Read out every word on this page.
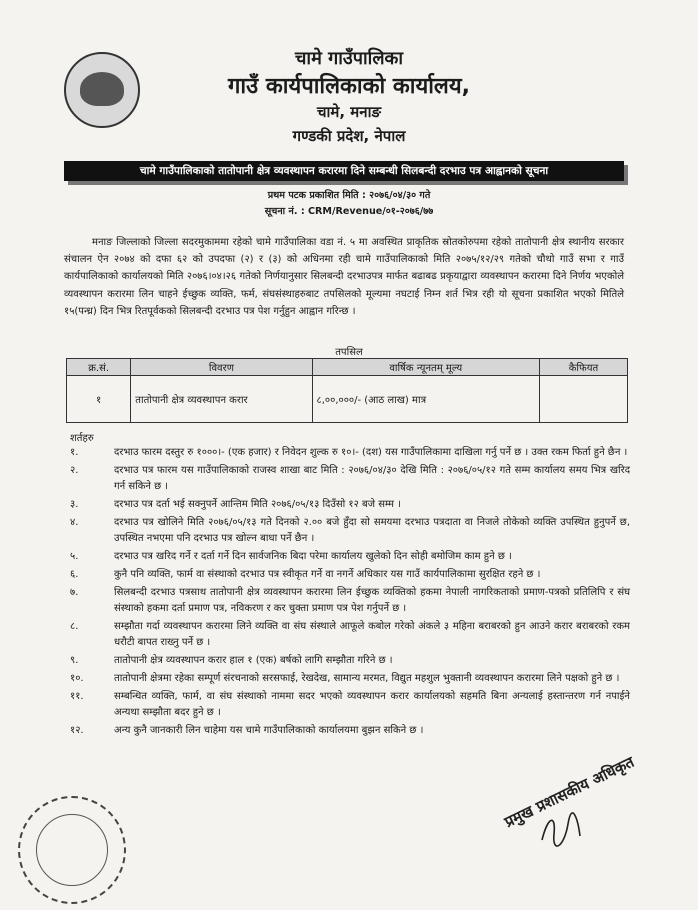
चामे गाउँपालिका
गाउँ कार्यपालिकाको कार्यालय,
चामे, मनाङ
गण्डकी प्रदेश, नेपाल
चामे गाउँपालिकाको तातोपानी क्षेत्र व्यवस्थापन करारमा दिने सम्बन्धी सिलबन्दी दरभाउ पत्र आह्वानको सूचना
प्रथम पटक प्रकाशित मिति : २०७६/०४/३० गते
सूचना नं. : CRM/Revenue/०१-२०७६/७७

मनाङ जिल्लाको जिल्ला सदरमुकाममा रहेको चामे गाउँपालिका वडा नं. ५ मा अवस्थित प्राकृतिक स्रोतकोरुपमा रहेको तातोपानी क्षेत्र स्थानीय सरकार संचालन ऐन २०७४ को दफा ६२ को उपदफा (२) र (३) को अधिनमा रही चामे गाउँपालिकाको मिति २०७५/१२/२९ गतेको चौथो गाउँ सभा र गाउँ कार्यपालिकाको कार्यालयको मिति २०७६।०४।२६ गतेको निर्णयानुसार सिलबन्दी दरभाउपत्र मार्फत बढाबढ प्रकृयाद्वारा व्यवस्थापन करारमा दिने निर्णय भएकोले व्यवस्थापन करारमा लिन चाहने ईच्छुक व्यक्ति, फर्म, संघसंस्थाहरुबाट तपसिलको मूल्यमा नघटाई निम्न शर्त भित्र रही यो सूचना प्रकाशित भएको मितिले १५(पन्ध्र) दिन भित्र रितपूर्वकको सिलबन्दी दरभाउ पत्र पेश गर्नुहुन आह्वान गरिन्छ ।

तपसिल
क्र.सं.	विवरण	वार्षिक न्यूनतम् मूल्य	कैफियत
१	तातोपानी क्षेत्र व्यवस्थापन करार	८,००,०००/- (आठ लाख) मात्र	
शर्तहरु
१.	दरभाउ फारम दस्तुर रु १०००।- (एक हजार) र निवेदन शुल्क रु १०।- (दश) यस गाउँपालिकामा दाखिला गर्नु पर्ने छ । उक्त रकम फिर्ता हुने छैन ।
२.	दरभाउ पत्र फारम यस गाउँपालिकाको राजस्व शाखा बाट मिति : २०७६/०४/३० देखि मिति : २०७६/०५/१२ गते सम्म कार्यालय समय भित्र खरिद गर्न सकिने छ ।
३.	दरभाउ पत्र दर्ता भई सक्नुपर्ने आन्तिम मिति २०७६/०५/१३ दिउँसो १२ बजे सम्म ।
४.	दरभाउ पत्र खोलिने मिति २०७६/०५/१३ गते दिनको २.०० बजे हुँदा सो समयमा दरभाउ पत्रदाता वा निजले तोकेको व्यक्ति उपस्थित हुनुपर्ने छ, उपस्थित नभएमा पनि दरभाउ पत्र खोल्न बाधा पर्ने छैन ।
५.	दरभाउ पत्र खरिद गर्ने र दर्ता गर्ने दिन सार्वजनिक बिदा परेमा कार्यालय खुलेको दिन सोही बमोजिम काम हुने छ ।
६.	कुनै पनि व्यक्ति, फार्म वा संस्थाको दरभाउ पत्र स्वीकृत गर्ने वा नगर्ने अधिकार यस गाउँ कार्यपालिकामा सुरक्षित रहने छ ।
७.	सिलबन्दी दरभाउ पत्रसाथ तातोपानी क्षेत्र व्यवस्थापन करारमा लिन ईच्छुक व्यक्तिको हकमा नेपाली नागरिकताको प्रमाण-पत्रको प्रतिलिपि र संघ संस्थाको हकमा दर्ता प्रमाण पत्र, नविकरण र कर चुक्ता प्रमाण पत्र पेश गर्नुपर्ने छ ।
८.	सम्झौता गर्दा व्यवस्थापन करारमा लिने व्यक्ति वा संघ संस्थाले आफूले कबोल गरेको अंकले ३ महिना बराबरको हुन आउने करार बराबरको रकम धरौटी बापत राख्नु पर्ने छ ।
९.	तातोपानी क्षेत्र व्यवस्थापन करार हाल १ (एक) बर्षको लागि सम्झौता गरिने छ ।
१०.	तातोपानी क्षेत्रमा रहेका सम्पूर्ण संरचनाको सरसफाई, रेखदेख, सामान्य मरमत, विद्युत महशुल भुक्तानी व्यवस्थापन करारमा लिने पक्षको हुने छ ।
११.	सम्बन्धित व्यक्ति, फार्म, वा संघ संस्थाको नाममा सदर भएको व्यवस्थापन करार कार्यालयको सहमति बिना अन्यलाई हस्तान्तरण गर्न नपाईने अन्यथा सम्झौता बदर हुने छ ।
१२.	अन्य कुनै जानकारी लिन चाहेमा यस चामे गाउँपालिकाको कार्यालयमा बुझन सकिने छ ।
प्रमुख प्रशासकीय अधिकृत
